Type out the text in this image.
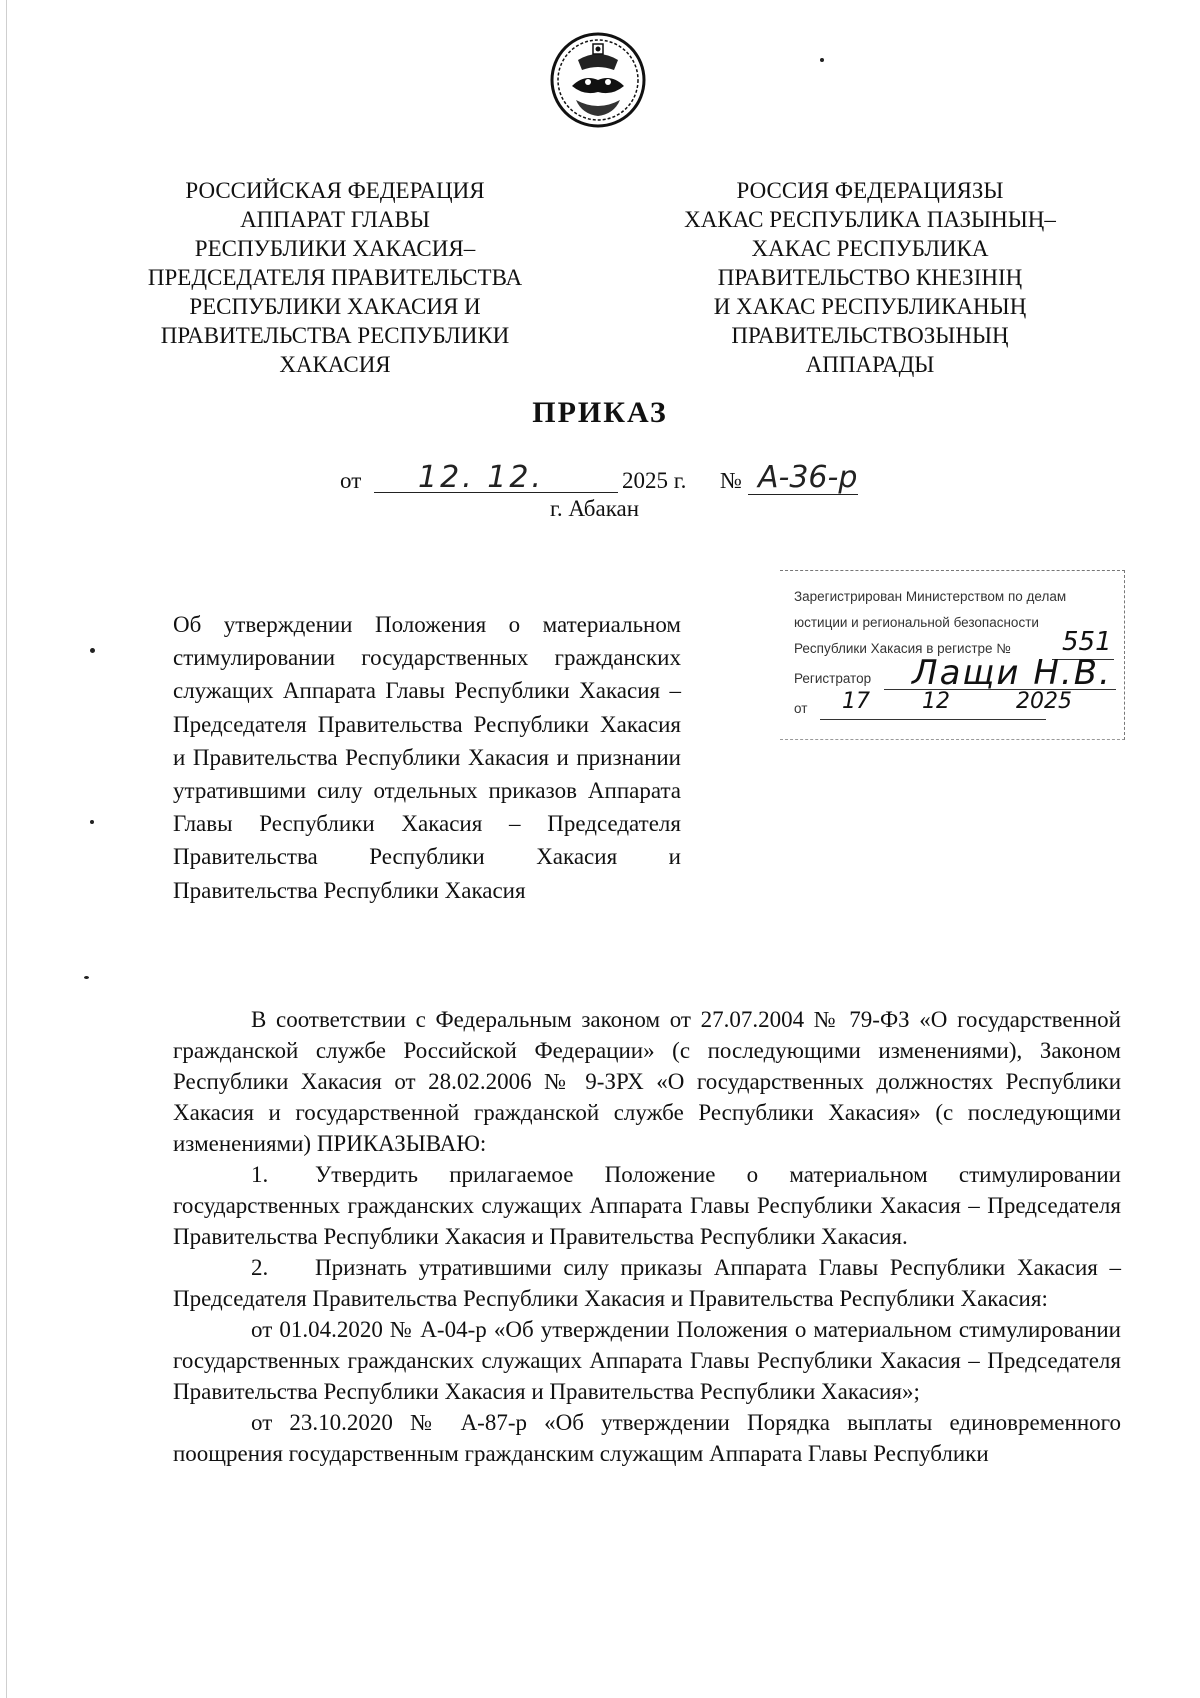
РОССИЙСКАЯ ФЕДЕРАЦИЯ
АППАРАТ ГЛАВЫ
РЕСПУБЛИКИ ХАКАСИЯ–
ПРЕДСЕДАТЕЛЯ ПРАВИТЕЛЬСТВА
РЕСПУБЛИКИ ХАКАСИЯ И
ПРАВИТЕЛЬСТВА РЕСПУБЛИКИ
ХАКАСИЯ
РОССИЯ ФЕДЕРАЦИЯЗЫ
ХАКАС РЕСПУБЛИКА ПАЗЫНЫҢ–
ХАКАС РЕСПУБЛИКА
ПРАВИТЕЛЬСТВО КНЕЗIНIҢ
И ХАКАС РЕСПУБЛИКАНЫҢ
ПРАВИТЕЛЬСТВОЗЫНЫҢ
АППАРАДЫ
ПРИКАЗ
от 12. 12.	2025 г. № А-36-р
г. Абакан
Зарегистрирован Министерством по делам
юстиции и региональной безопасности
Республики Хакасия в регистре №
Регистратор
от
551
Лащи Н.В.
17 12	2025
Об утверждении Положения о материальном стимулировании государственных гражданских служащих Аппарата Главы Республики Хакасия – Председателя Правительства Республики Хакасия и Правительства Республики Хакасия и признании утратившими силу отдельных приказов Аппарата Главы Республики Хакасия – Председателя Правительства Республики Хакасия и Правительства Республики Хакасия

В соответствии с Федеральным законом от 27.07.2004 № 79-ФЗ «О государственной гражданской службе Российской Федерации» (с последующими изменениями), Законом Республики Хакасия от 28.02.2006 № 9-ЗРХ «О государственных должностях Республики Хакасия и государственной гражданской службе Республики Хакасия» (с последующими изменениями) ПРИКАЗЫВАЮ:

1. Утвердить прилагаемое Положение о материальном стимулировании государственных гражданских служащих Аппарата Главы Республики Хакасия – Председателя Правительства Республики Хакасия и Правительства Республики Хакасия.

2. Признать утратившими силу приказы Аппарата Главы Республики Хакасия – Председателя Правительства Республики Хакасия и Правительства Республики Хакасия:

от 01.04.2020 № А-04-р «Об утверждении Положения о материальном стимулировании государственных гражданских служащих Аппарата Главы Республики Хакасия – Председателя Правительства Республики Хакасия и Правительства Республики Хакасия»;

от 23.10.2020 № А-87-р «Об утверждении Порядка выплаты единовременного поощрения государственным гражданским служащим Аппарата Главы Республики
